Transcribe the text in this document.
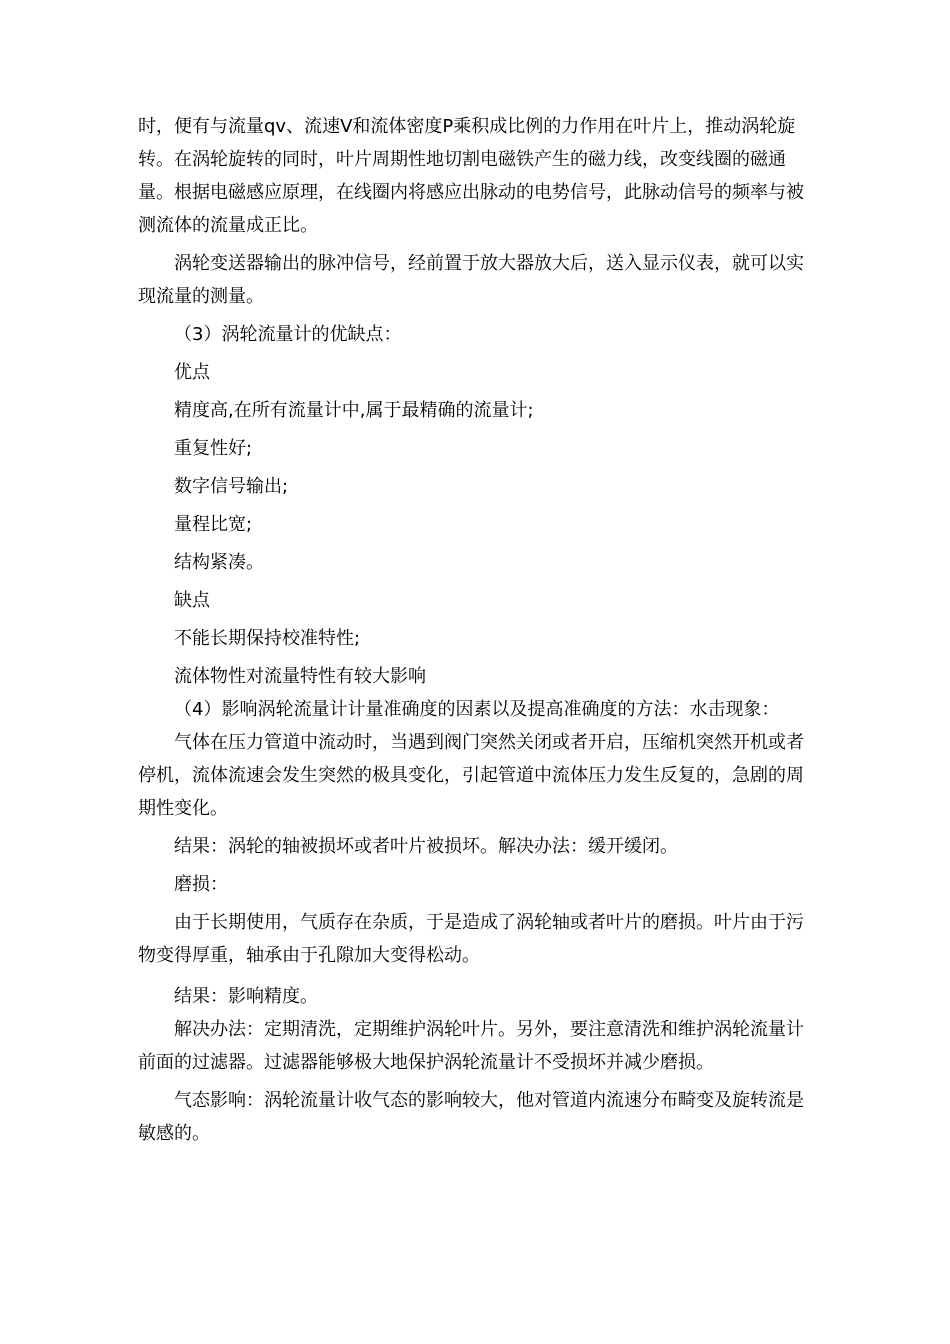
时，便有与流量qv、流速V和流体密度P乘积成比例的力作用在叶片上，推动涡轮旋转。在涡轮旋转的同时，叶片周期性地切割电磁铁产生的磁力线，改变线圈的磁通量。根据电磁感应原理，在线圈内将感应出脉动的电势信号，此脉动信号的频率与被测流体的流量成正比。

涡轮变送器输出的脉冲信号，经前置于放大器放大后，送入显示仪表，就可以实现流量的测量。

（3）涡轮流量计的优缺点：

优点

精度高,在所有流量计中,属于最精确的流量计;

重复性好;

数字信号输出;

量程比宽;

结构紧凑。

缺点

不能长期保持校准特性;

流体物性对流量特性有较大影响

（4）影响涡轮流量计计量准确度的因素以及提高准确度的方法：水击现象：

气体在压力管道中流动时，当遇到阀门突然关闭或者开启，压缩机突然开机或者停机，流体流速会发生突然的极具变化，引起管道中流体压力发生反复的，急剧的周期性变化。

结果：涡轮的轴被损坏或者叶片被损坏。解决办法：缓开缓闭。

磨损：

由于长期使用，气质存在杂质，于是造成了涡轮轴或者叶片的磨损。叶片由于污物变得厚重，轴承由于孔隙加大变得松动。

结果：影响精度。

解决办法：定期清洗，定期维护涡轮叶片。另外，要注意清洗和维护涡轮流量计前面的过滤器。过滤器能够极大地保护涡轮流量计不受损坏并减少磨损。

气态影响：涡轮流量计收气态的影响较大，他对管道内流速分布畸变及旋转流是敏感的。
